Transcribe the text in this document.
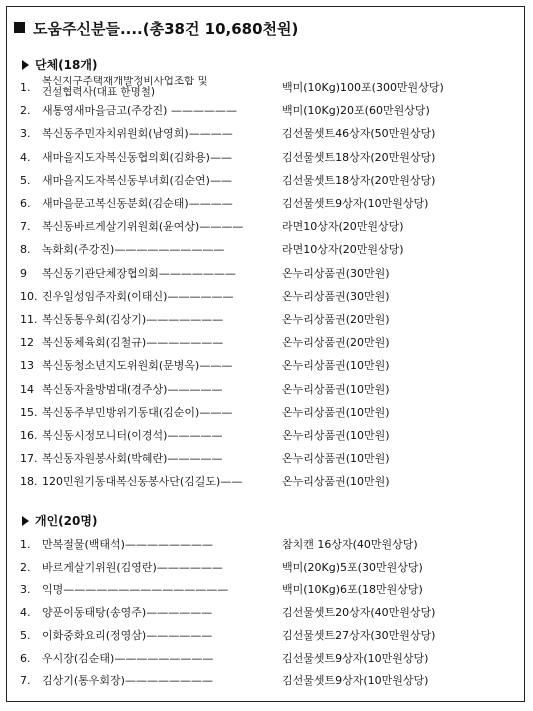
도움주신분들....(총38건 10,680천원)
단체(18개)
1.	복신지구주택재개발정비사업조합 및
건설협력사(대표 한명철)	백미(10Kg)100포(300만원상당)
2.	새통영새마을금고(주강진) ——————	백미(10Kg)20포(60만원상당)
3.	복신동주민자치위원회(남영희)————	김선물셋트46상자(50만원상당)
4.	새마을지도자복신동협의회(김화용)——	김선물셋트18상자(20만원상당)
5.	새마을지도자복신동부녀회(김순연)——	김선물셋트18상자(20만원상당)
6.	새마을문고복신동분회(김순태)————	김선물셋트9상자(10만원상당)
7.	복신동바르게살기위원회(윤여상)————	라면10상자(20만원상당)
8.	녹화회(주강진)——————————	라면10상자(20만원상당)
9	복신동기관단체장협의회———————	온누리상품권(30만원)
10. 진우일성임주자회(이태신)——————	온누리상품권(30만원)
11. 복신동통우회(김상기)———————	온누리상품권(20만원)
12 복신동체육회(김철규)———————	온누리상품권(20만원)
13 복신동청소년지도위원회(문병옥)———	온누리상품권(10만원)
14 복신동자율방범대(경주상)—————	온누리상품권(10만원)
15. 복신동주부민방위기동대(김순이)———	온누리상품권(10만원)
16. 복신동시정모니터(이경석)—————	온누리상품권(10만원)
17. 복신동자원봉사회(박혜란)—————	온누리상품권(10만원)
18. 120민원기동대복신동봉사단(김길도)——	온누리상품권(10만원)
개인(20명)
1.	만복절물(백태석)————————	참치캔 16상자(40만원상당)
2.	바르게살기위원(김영란)——————	백미(20Kg)5포(30만원상당)
3.	익명———————————————	백미(10Kg)6포(18만원상당)
4.	양푼이동태탕(송영주)——————	김선물셋트20상자(40만원상당)
5.	이화중화요리(정영삼)——————	김선물셋트27상자(30만원상당)
6.	우시장(김순태)—————————	김선물셋트9상자(10만원상당)
7.	김상기(통우회장)————————	김선물셋트9상자(10만원상당)
